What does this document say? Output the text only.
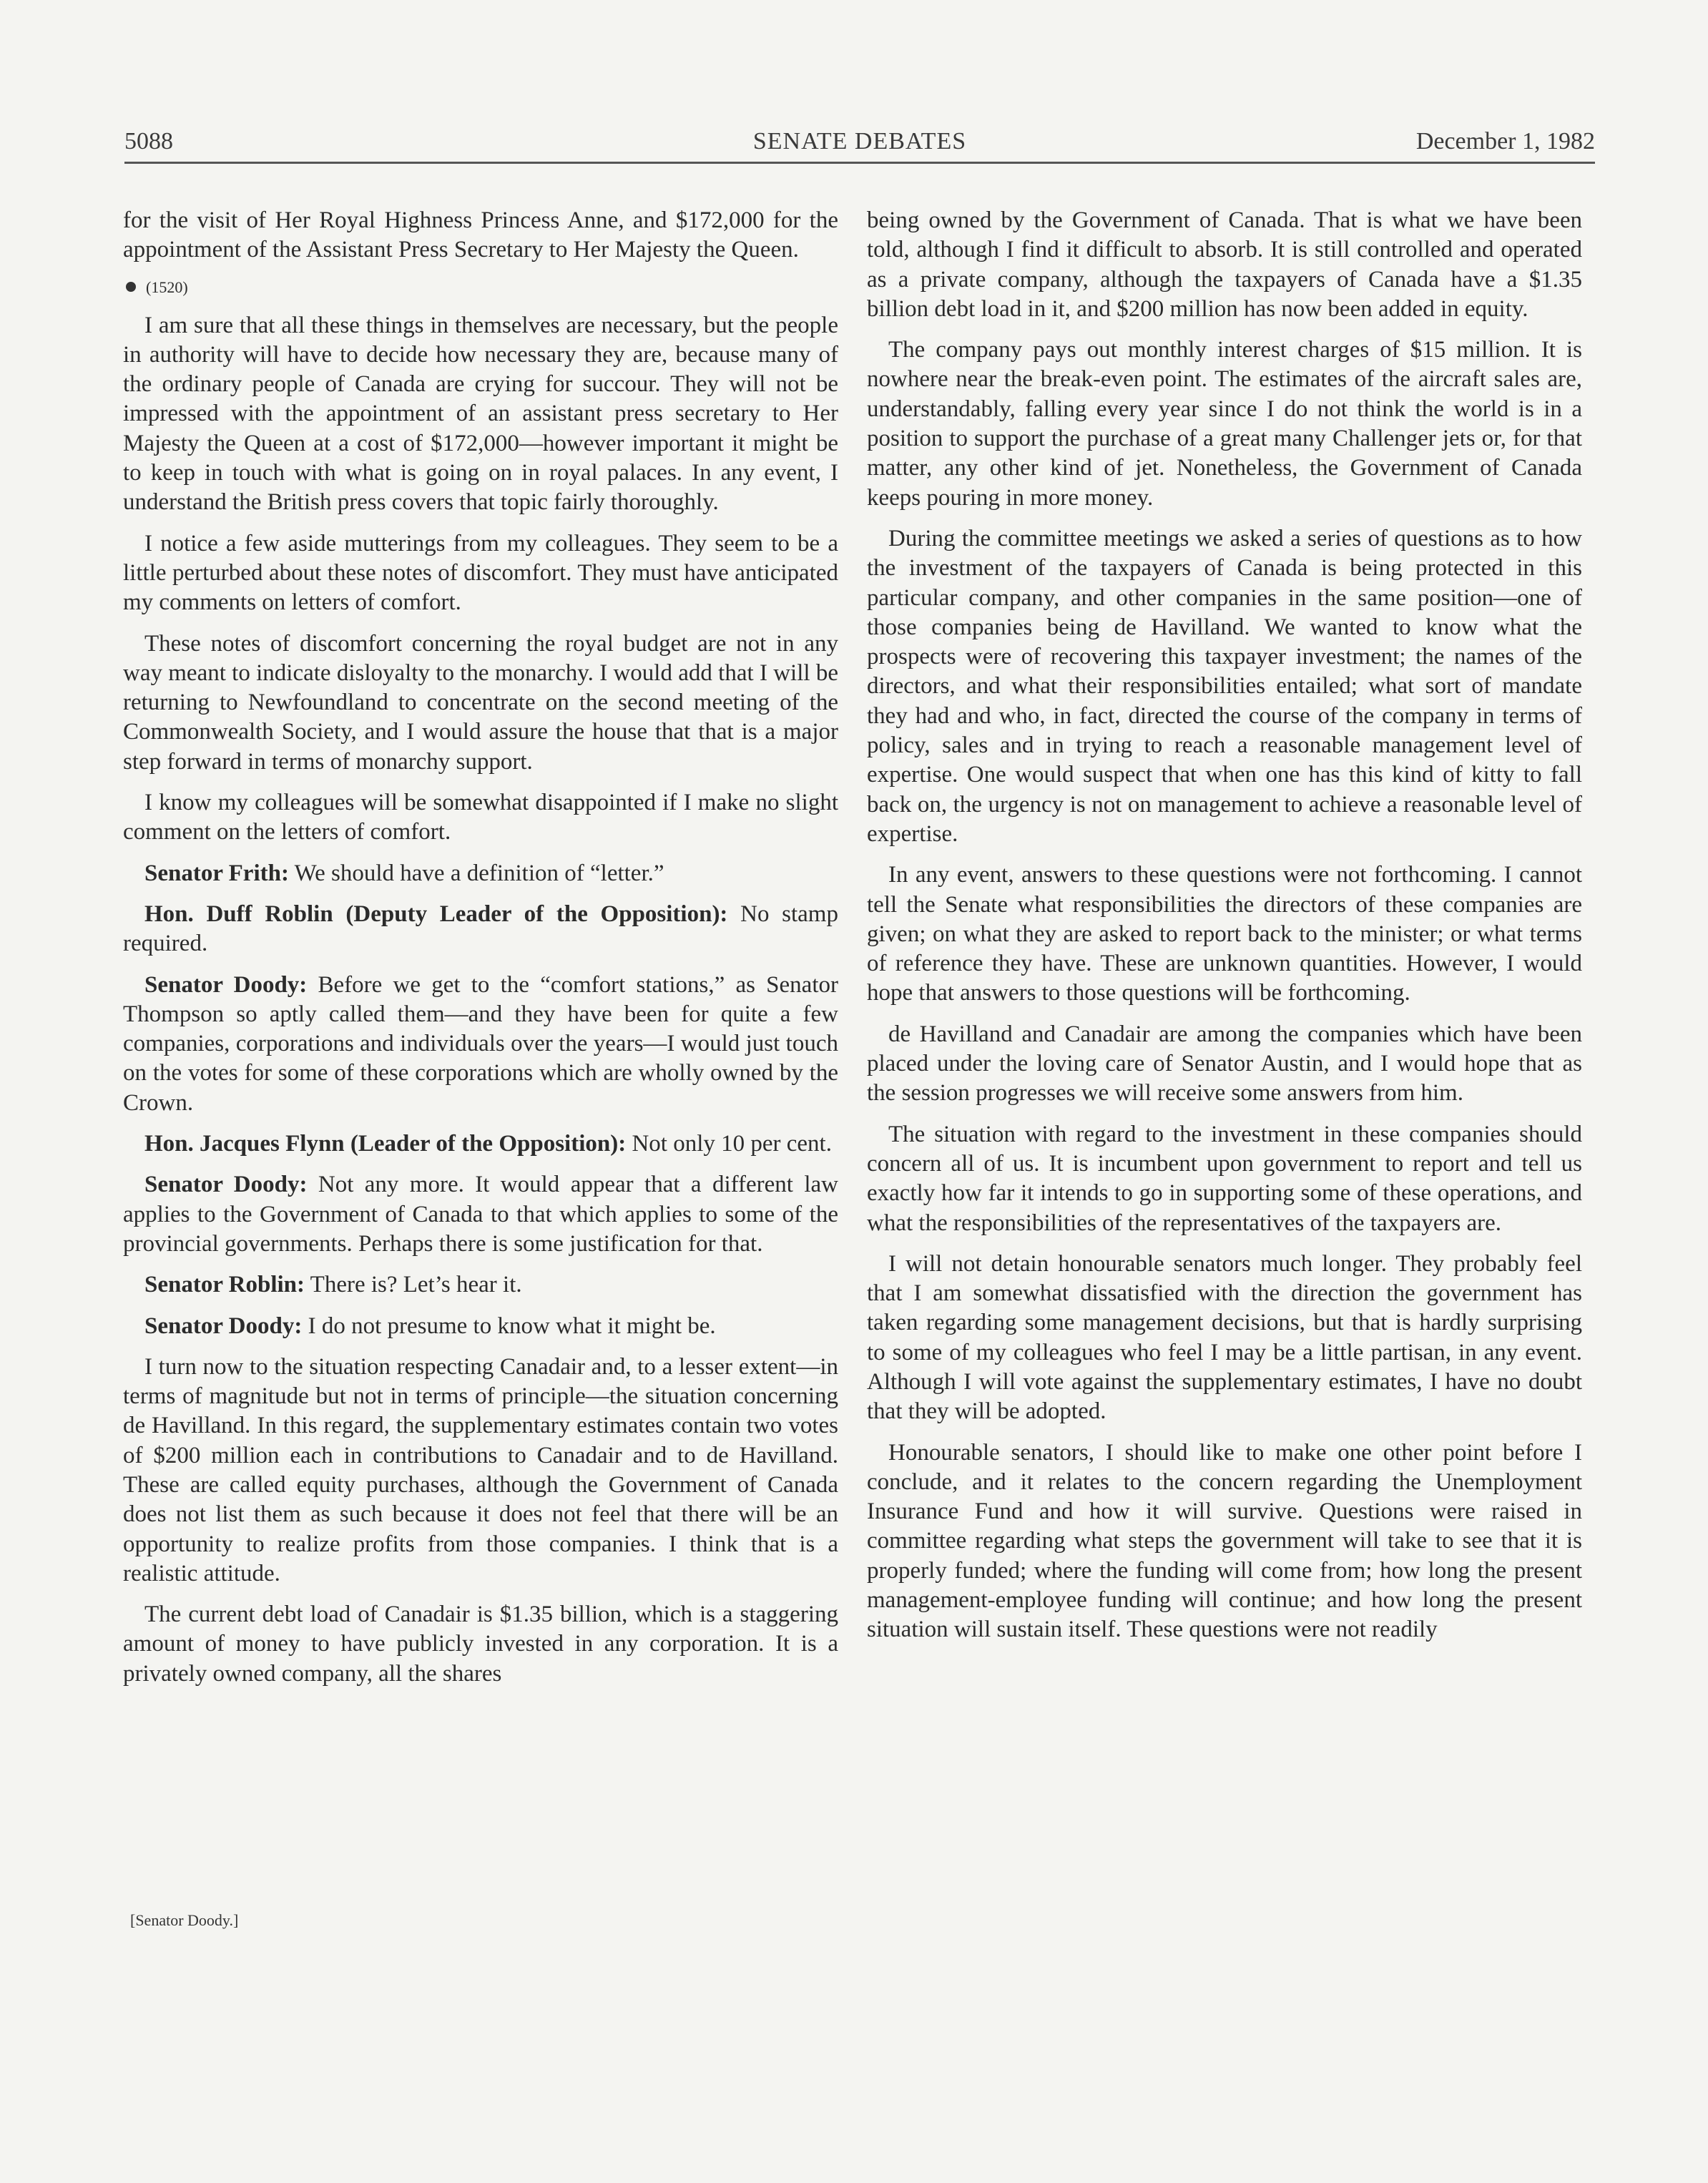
5088	SENATE DEBATES	December 1, 1982

for the visit of Her Royal Highness Princess Anne, and $172,000 for the appointment of the Assistant Press Secretary to Her Majesty the Queen.

(1520)

I am sure that all these things in themselves are necessary, but the people in authority will have to decide how necessary they are, because many of the ordinary people of Canada are crying for succour. They will not be impressed with the appointment of an assistant press secretary to Her Majesty the Queen at a cost of $172,000—however important it might be to keep in touch with what is going on in royal palaces. In any event, I understand the British press covers that topic fairly thoroughly.

I notice a few aside mutterings from my colleagues. They seem to be a little perturbed about these notes of discomfort. They must have anticipated my comments on letters of comfort.

These notes of discomfort concerning the royal budget are not in any way meant to indicate disloyalty to the monarchy. I would add that I will be returning to Newfoundland to concentrate on the second meeting of the Commonwealth Society, and I would assure the house that that is a major step forward in terms of monarchy support.

I know my colleagues will be somewhat disappointed if I make no slight comment on the letters of comfort.

Senator Frith: We should have a definition of “letter.”

Hon. Duff Roblin (Deputy Leader of the Opposition): No stamp required.

Senator Doody: Before we get to the “comfort stations,” as Senator Thompson so aptly called them—and they have been for quite a few companies, corporations and individuals over the years—I would just touch on the votes for some of these corporations which are wholly owned by the Crown.

Hon. Jacques Flynn (Leader of the Opposition): Not only 10 per cent.

Senator Doody: Not any more. It would appear that a different law applies to the Government of Canada to that which applies to some of the provincial governments. Perhaps there is some justification for that.

Senator Roblin: There is? Let’s hear it.

Senator Doody: I do not presume to know what it might be.

I turn now to the situation respecting Canadair and, to a lesser extent—in terms of magnitude but not in terms of principle—the situation concerning de Havilland. In this regard, the supplementary estimates contain two votes of $200 million each in contributions to Canadair and to de Havilland. These are called equity purchases, although the Government of Canada does not list them as such because it does not feel that there will be an opportunity to realize profits from those companies. I think that is a realistic attitude.

The current debt load of Canadair is $1.35 billion, which is a staggering amount of money to have publicly invested in any corporation. It is a privately owned company, all the shares

being owned by the Government of Canada. That is what we have been told, although I find it difficult to absorb. It is still controlled and operated as a private company, although the taxpayers of Canada have a $1.35 billion debt load in it, and $200 million has now been added in equity.

The company pays out monthly interest charges of $15 million. It is nowhere near the break-even point. The estimates of the aircraft sales are, understandably, falling every year since I do not think the world is in a position to support the purchase of a great many Challenger jets or, for that matter, any other kind of jet. Nonetheless, the Government of Canada keeps pouring in more money.

During the committee meetings we asked a series of questions as to how the investment of the taxpayers of Canada is being protected in this particular company, and other companies in the same position—one of those companies being de Havilland. We wanted to know what the prospects were of recovering this taxpayer investment; the names of the directors, and what their responsibilities entailed; what sort of mandate they had and who, in fact, directed the course of the company in terms of policy, sales and in trying to reach a reasonable management level of expertise. One would suspect that when one has this kind of kitty to fall back on, the urgency is not on management to achieve a reasonable level of expertise.

In any event, answers to these questions were not forthcoming. I cannot tell the Senate what responsibilities the directors of these companies are given; on what they are asked to report back to the minister; or what terms of reference they have. These are unknown quantities. However, I would hope that answers to those questions will be forthcoming.

de Havilland and Canadair are among the companies which have been placed under the loving care of Senator Austin, and I would hope that as the session progresses we will receive some answers from him.

The situation with regard to the investment in these companies should concern all of us. It is incumbent upon government to report and tell us exactly how far it intends to go in supporting some of these operations, and what the responsibilities of the representatives of the taxpayers are.

I will not detain honourable senators much longer. They probably feel that I am somewhat dissatisfied with the direction the government has taken regarding some management decisions, but that is hardly surprising to some of my colleagues who feel I may be a little partisan, in any event. Although I will vote against the supplementary estimates, I have no doubt that they will be adopted.

Honourable senators, I should like to make one other point before I conclude, and it relates to the concern regarding the Unemployment Insurance Fund and how it will survive. Questions were raised in committee regarding what steps the government will take to see that it is properly funded; where the funding will come from; how long the present management-employee funding will continue; and how long the present situation will sustain itself. These questions were not readily

[Senator Doody.]
